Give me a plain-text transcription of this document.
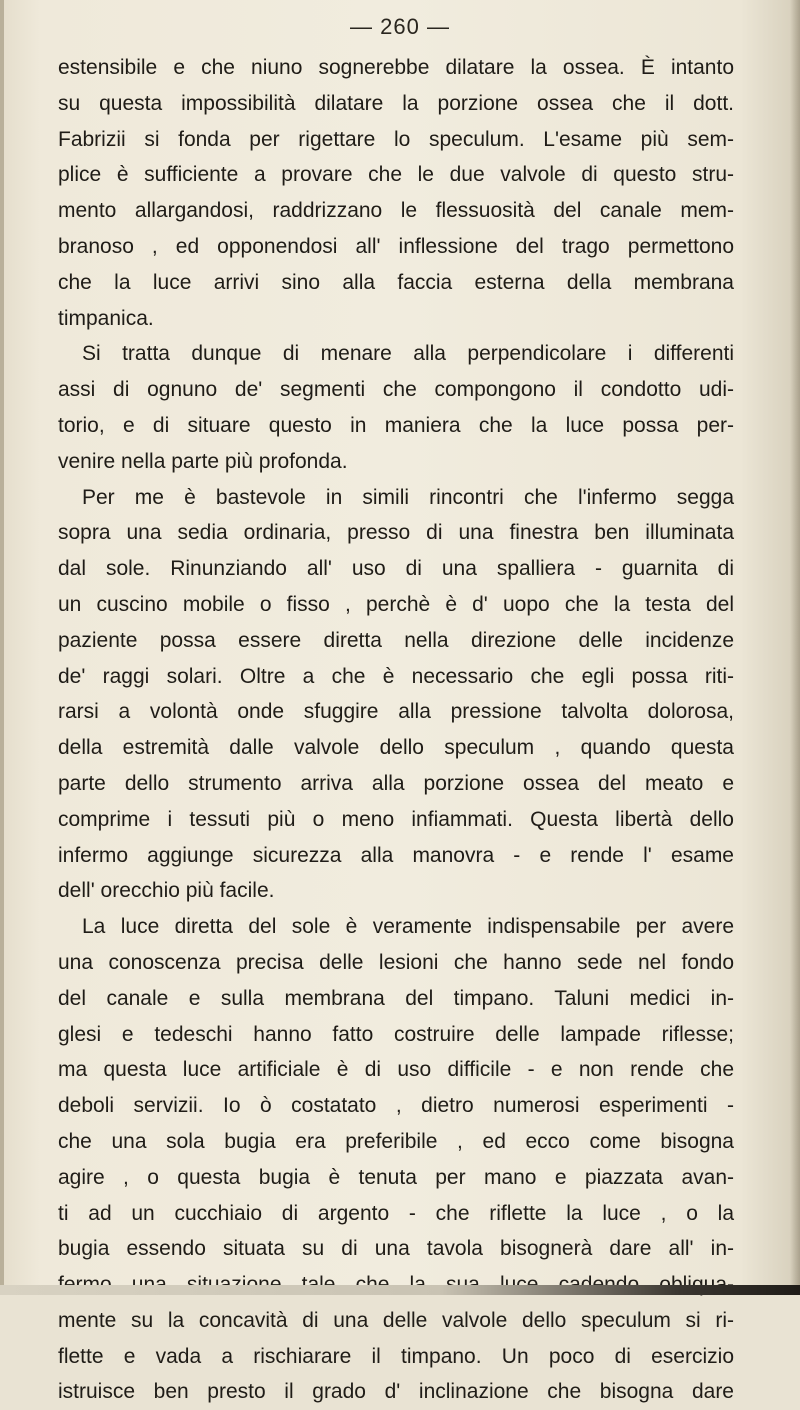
— 260 —
estensibile e che niuno sognerebbe dilatare la ossea. È intanto
su questa impossibilità dilatare la porzione ossea che il dott.
Fabrizii si fonda per rigettare lo speculum. L'esame più sem-
plice è sufficiente a provare che le due valvole di questo stru-
mento allargandosi, raddrizzano le flessuosità del canale mem-
branoso , ed opponendosi all' inflessione del trago permettono
che la luce arrivi sino alla faccia esterna della membrana
timpanica.
Si tratta dunque di menare alla perpendicolare i differenti
assi di ognuno de' segmenti che compongono il condotto udi-
torio, e di situare questo in maniera che la luce possa per-
venire nella parte più profonda.
Per me è bastevole in simili rincontri che l'infermo segga
sopra una sedia ordinaria, presso di una finestra ben illuminata
dal sole. Rinunziando all' uso di una spalliera - guarnita di
un cuscino mobile o fisso , perchè è d' uopo che la testa del
paziente possa essere diretta nella direzione delle incidenze
de' raggi solari. Oltre a che è necessario che egli possa riti-
rarsi a volontà onde sfuggire alla pressione talvolta dolorosa,
della estremità dalle valvole dello speculum , quando questa
parte dello strumento arriva alla porzione ossea del meato e
comprime i tessuti più o meno infiammati. Questa libertà dello
infermo aggiunge sicurezza alla manovra - e rende l' esame
dell' orecchio più facile.
La luce diretta del sole è veramente indispensabile per avere
una conoscenza precisa delle lesioni che hanno sede nel fondo
del canale e sulla membrana del timpano. Taluni medici in-
glesi e tedeschi hanno fatto costruire delle lampade riflesse;
ma questa luce artificiale è di uso difficile - e non rende che
deboli servizii. Io ò costatato , dietro numerosi esperimenti -
che una sola bugia era preferibile , ed ecco come bisogna
agire , o questa bugia è tenuta per mano e piazzata avan-
ti ad un cucchiaio di argento - che riflette la luce , o la
bugia essendo situata su di una tavola bisognerà dare all' in-
mente su la concavità di una delle valvole dello speculum si ri-
flette e vada a rischiarare il timpano. Un poco di esercizio
istruisce ben presto il grado d' inclinazione che bisogna dare
